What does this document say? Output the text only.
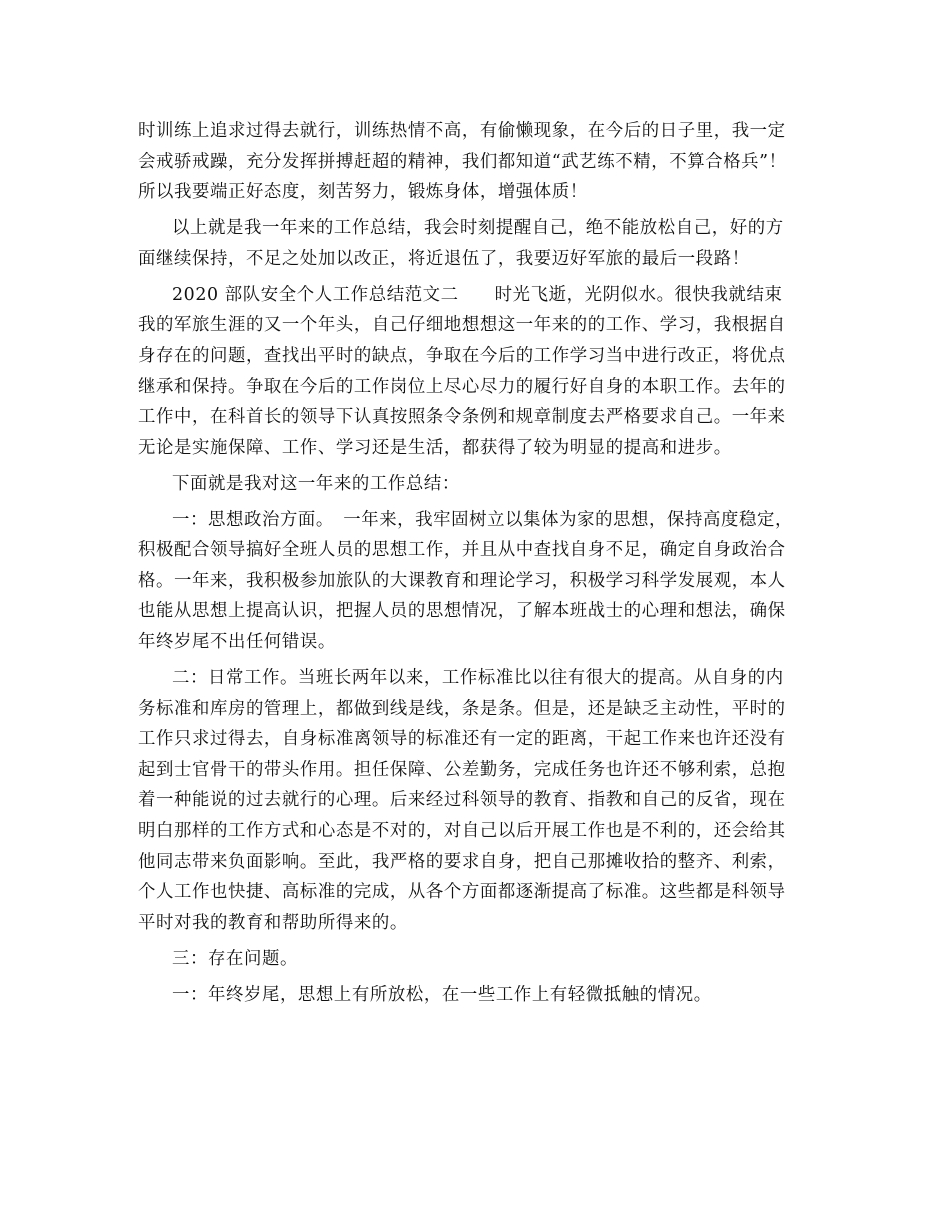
时训练上追求过得去就行，训练热情不高，有偷懒现象，在今后的日子里，我一定
会戒骄戒躁，充分发挥拼搏赶超的精神，我们都知道“武艺练不精，不算合格兵”！
所以我要端正好态度，刻苦努力，锻炼身体，增强体质！
以上就是我一年来的工作总结，我会时刻提醒自己，绝不能放松自己，好的方
面继续保持，不足之处加以改正，将近退伍了，我要迈好军旅的最后一段路！
2020 部队安全个人工作总结范文二　　时光飞逝，光阴似水。很快我就结束
我的军旅生涯的又一个年头，自己仔细地想想这一年来的的工作、学习，我根据自
身存在的问题，查找出平时的缺点，争取在今后的工作学习当中进行改正，将优点
继承和保持。争取在今后的工作岗位上尽心尽力的履行好自身的本职工作。去年的
工作中，在科首长的领导下认真按照条令条例和规章制度去严格要求自己。一年来
无论是实施保障、工作、学习还是生活，都获得了较为明显的提高和进步。
下面就是我对这一年来的工作总结：
一：思想政治方面。　一年来，我牢固树立以集体为家的思想，保持高度稳定，
积极配合领导搞好全班人员的思想工作，并且从中查找自身不足，确定自身政治合
格。一年来，我积极参加旅队的大课教育和理论学习，积极学习科学发展观，本人
也能从思想上提高认识，把握人员的思想情况，了解本班战士的心理和想法，确保
年终岁尾不出任何错误。
二：日常工作。当班长两年以来，工作标准比以往有很大的提高。从自身的内
务标准和库房的管理上，都做到线是线，条是条。但是，还是缺乏主动性，平时的
工作只求过得去，自身标准离领导的标准还有一定的距离，干起工作来也许还没有
起到士官骨干的带头作用。担任保障、公差勤务，完成任务也许还不够利索，总抱
着一种能说的过去就行的心理。后来经过科领导的教育、指教和自己的反省，现在
明白那样的工作方式和心态是不对的，对自己以后开展工作也是不利的，还会给其
他同志带来负面影响。至此，我严格的要求自身，把自己那摊收拾的整齐、利索，
个人工作也快捷、高标准的完成，从各个方面都逐渐提高了标准。这些都是科领导
平时对我的教育和帮助所得来的。
三：存在问题。
一：年终岁尾，思想上有所放松，在一些工作上有轻微抵触的情况。
